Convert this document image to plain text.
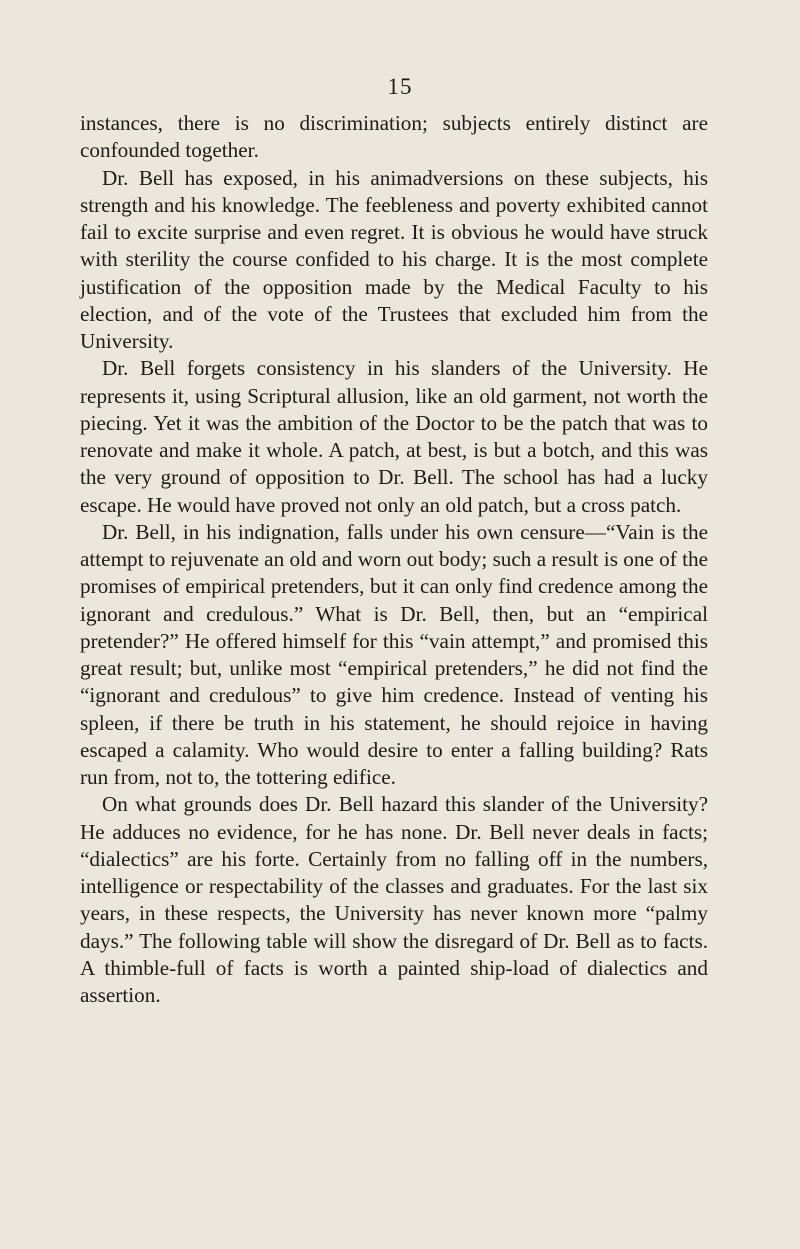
15

instances, there is no discrimination; subjects entirely distinct are confounded together.

Dr. Bell has exposed, in his animadversions on these subjects, his strength and his knowledge. The feebleness and poverty exhibited cannot fail to excite surprise and even regret. It is obvious he would have struck with sterility the course confided to his charge. It is the most complete justification of the opposition made by the Medical Faculty to his election, and of the vote of the Trustees that excluded him from the University.

Dr. Bell forgets consistency in his slanders of the University. He represents it, using Scriptural allusion, like an old garment, not worth the piecing. Yet it was the ambition of the Doctor to be the patch that was to renovate and make it whole. A patch, at best, is but a botch, and this was the very ground of opposition to Dr. Bell. The school has had a lucky escape. He would have proved not only an old patch, but a cross patch.

Dr. Bell, in his indignation, falls under his own censure—“Vain is the attempt to rejuvenate an old and worn out body; such a result is one of the promises of empirical pretenders, but it can only find credence among the ignorant and credulous.” What is Dr. Bell, then, but an “empirical pretender?” He offered himself for this “vain attempt,” and promised this great result; but, unlike most “empirical pretenders,” he did not find the “ignorant and credulous” to give him credence. Instead of venting his spleen, if there be truth in his statement, he should rejoice in having escaped a calamity. Who would desire to enter a falling building? Rats run from, not to, the tottering edifice.

On what grounds does Dr. Bell hazard this slander of the University? He adduces no evidence, for he has none. Dr. Bell never deals in facts; “dialectics” are his forte. Certainly from no falling off in the numbers, intelligence or respectability of the classes and graduates. For the last six years, in these respects, the University has never known more “palmy days.” The following table will show the disregard of Dr. Bell as to facts. A thimble-full of facts is worth a painted ship-load of dialectics and assertion.
